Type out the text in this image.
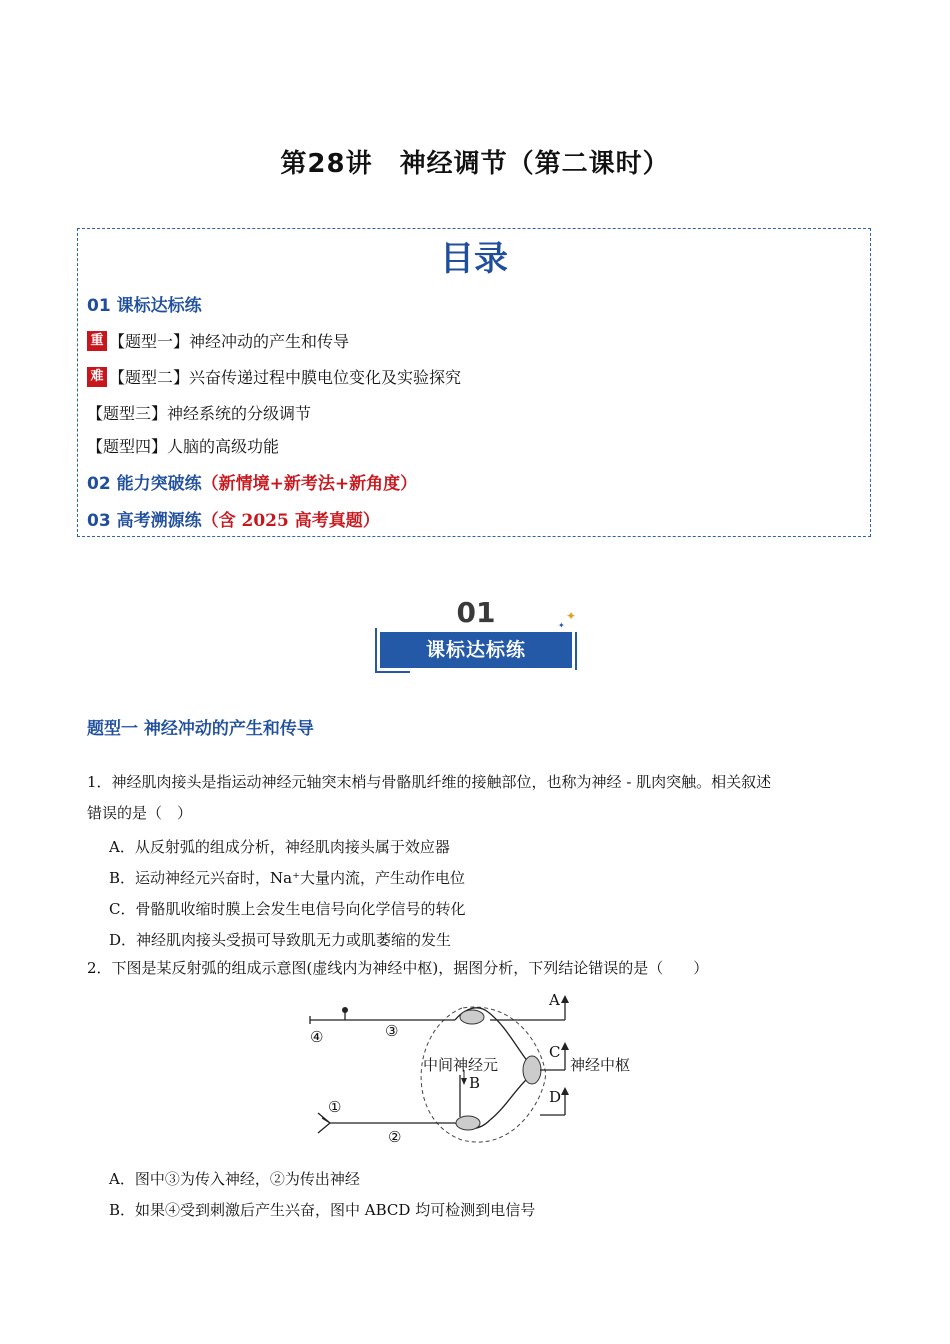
第28讲　神经调节（第二课时）
目录
01 课标达标练
重 【题型一】神经冲动的产生和传导
难 【题型二】兴奋传递过程中膜电位变化及实验探究
【题型三】神经系统的分级调节
【题型四】人脑的高级功能
02 能力突破练（新情境+新考法+新角度）
03 高考溯源练（含 2025 高考真题）
✦
✦
01
课标达标练
题型一 神经冲动的产生和传导
1．神经肌肉接头是指运动神经元轴突末梢与骨骼肌纤维的接触部位，也称为神经 - 肌肉突触。相关叙述
错误的是（　）
A．从反射弧的组成分析，神经肌肉接头属于效应器
B．运动神经元兴奋时，Na⁺大量内流，产生动作电位
C．骨骼肌收缩时膜上会发生电信号向化学信号的转化
D．神经肌肉接头受损可导致肌无力或肌萎缩的发生
2．下图是某反射弧的组成示意图(虚线内为神经中枢)，据图分析，下列结论错误的是（　　）
④	③
①
②
中间神经元
B
A
C
D
神经中枢
A．图中③为传入神经，②为传出神经
B．如果④受到刺激后产生兴奋，图中 ABCD 均可检测到电信号
